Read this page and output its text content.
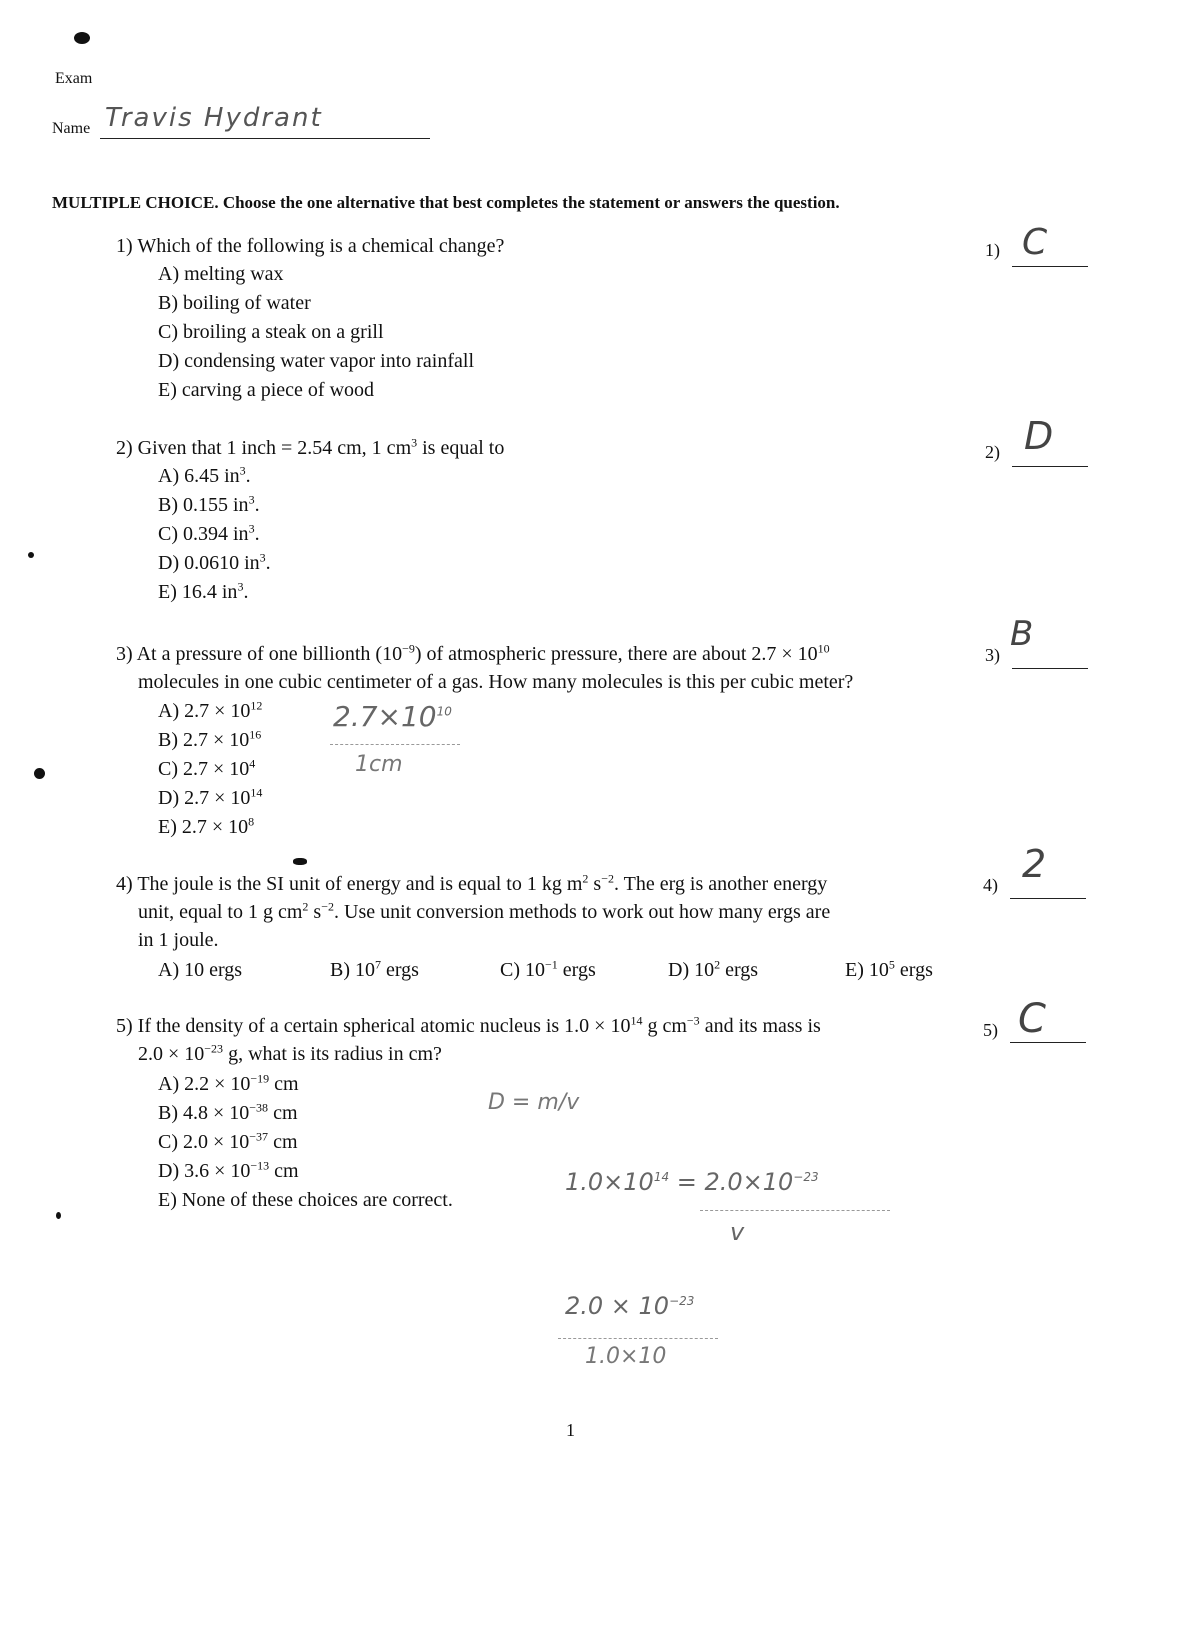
Exam
Name Travis Hydrant
MULTIPLE CHOICE. Choose the one alternative that best completes the statement or answers the question.
1) Which of the following is a chemical change?
A) melting wax
B) boiling of water
C) broiling a steak on a grill
D) condensing water vapor into rainfall
E) carving a piece of wood
1) C
2) Given that 1 inch = 2.54 cm, 1 $cm^3$ is equal to
A) 6.45 $in^3$.
B) 0.155 $in^3$.
C) 0.394 $in^3$.
D) 0.0610 $in^3$.
E) 16.4 $in^3$.
2) D
3) At a pressure of one billionth $(10^{-9})$ of atmospheric pressure, there are about $2.7 \times 10^{10}$
molecules in one cubic centimeter of a gas. How many molecules is this per cubic meter?
A) $2.7 \times 10^{12}$
B) $2.7 \times 10^{16}$
C) $2.7 \times 10^4$
D) $2.7 \times 10^{14}$
E) $2.7 \times 10^8$
$2.7\times 10^{10}$
1cm
3)
B
4) The joule is the SI unit of energy and is equal to 1 kg $m^2$ $s^{-2}$. The erg is another energy
unit, equal to 1 g $cm^2$ $s^{-2}$. Use unit conversion methods to work out how many ergs are
in 1 joule.
A) 10 ergs	B) $10^7$ ergs	C) $10^{-1}$ ergs	D) $10^2$ ergs	E) $10^5$ ergs
4) 2
5) If the density of a certain spherical atomic nucleus is $1.0 \times 10^{14}$ g $cm^{-3}$ and its mass is
$2.0 \times 10^{-23}$ g, what is its radius in cm?
A) $2.2 \times 10^{-19}$ cm
B) $4.8 \times 10^{-38}$ cm
C) $2.0 \times 10^{-37}$ cm
D) $3.6 \times 10^{-13}$ cm
E) None of these choices are correct.
D = m/v
$1.0\times 10^{14} = 2.0\times 10^{-23}$
v
$2.0 \times 10^{-23}$
1.0×10
5) C
1
